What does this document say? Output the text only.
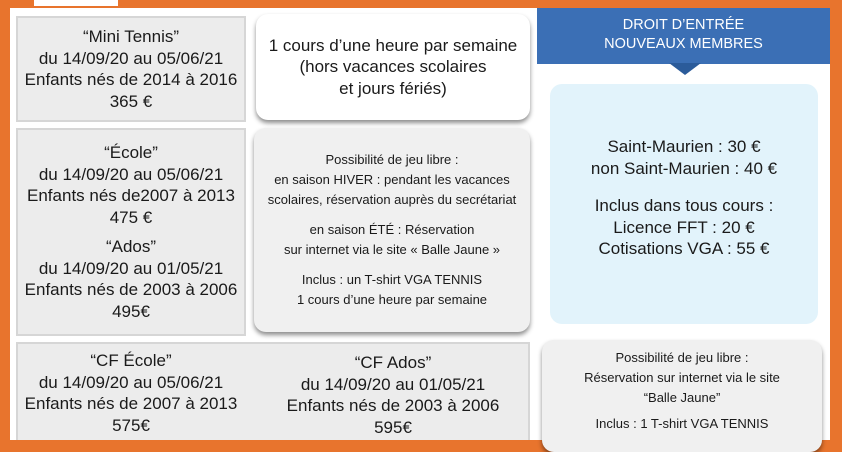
“Mini Tennis”
du 14/09/20 au 05/06/21
Enfants nés de 2014 à 2016
365 €
1 cours d’une heure par semaine
(hors vacances scolaires
et jours fériés)
DROIT D’ENTRÉE
NOUVEAUX MEMBRES
“École”
du 14/09/20 au 05/06/21
Enfants nés de2007 à 2013
475 €
“Ados”
du 14/09/20 au 01/05/21
Enfants nés de 2003 à 2006
495€
Possibilité de jeu libre :
en saison HIVER : pendant les vacances
scolaires, réservation auprès du secrétariat
en saison ÉTÉ : Réservation
sur internet via le site « Balle Jaune »
Inclus : un T-shirt VGA TENNIS
1 cours d’une heure par semaine
Saint-Maurien : 30 €
non Saint-Maurien : 40 €
Inclus dans tous cours :
Licence FFT : 20 €
Cotisations VGA : 55 €
“CF École”
du 14/09/20 au 05/06/21
Enfants nés de 2007 à 2013
575€
“CF Ados”
du 14/09/20 au 01/05/21
Enfants nés de 2003 à 2006
595€
Possibilité de jeu libre :
Réservation sur internet via le site
“Balle Jaune”
Inclus : 1 T-shirt VGA TENNIS
